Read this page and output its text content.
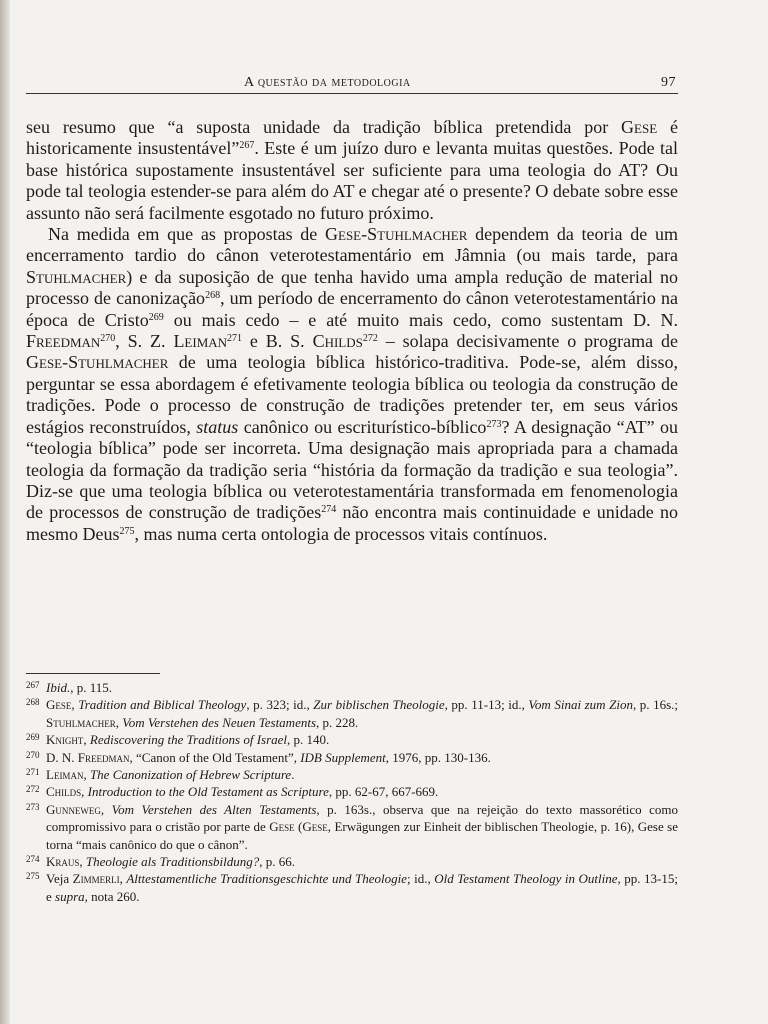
A questão da metodologia	97

seu resumo que “a suposta unidade da tradição bíblica pretendida por Gese é historicamente insustentável”$^{267}$. Este é um juízo duro e levanta muitas questões. Pode tal base histórica supostamente insustentável ser suficiente para uma teologia do AT? Ou pode tal teologia estender-se para além do AT e chegar até o presente? O debate sobre esse assunto não será facilmente esgotado no futuro próximo.

Na medida em que as propostas de Gese-Stuhlmacher dependem da teoria de um encerramento tardio do cânon veterotestamentário em Jâmnia (ou mais tarde, para Stuhlmacher) e da suposição de que tenha havido uma ampla redução de material no processo de canonização$^{268}$, um período de encerramento do cânon veterotestamentário na época de Cristo$^{269}$ ou mais cedo – e até muito mais cedo, como sustentam D. N. Freedman$^{270}$, S. Z. Leiman$^{271}$ e B. S. Childs$^{272}$ – solapa decisivamente o programa de Gese-Stuhlmacher de uma teologia bíblica histórico-traditiva. Pode-se, além disso, perguntar se essa abordagem é efetivamente teologia bíblica ou teologia da construção de tradições. Pode o processo de construção de tradições pretender ter, em seus vários estágios reconstruídos, status canônico ou escriturístico-bíblico$^{273}$? A designação “AT” ou “teologia bíblica” pode ser incorreta. Uma designação mais apropriada para a chamada teologia da formação da tradição seria “história da formação da tradição e sua teologia”. Diz-se que uma teologia bíblica ou veterotestamentária transformada em fenomenologia de processos de construção de tradições$^{274}$ não encontra mais continuidade e unidade no mesmo Deus$^{275}$, mas numa certa ontologia de processos vitais contínuos.

267 Ibid., p. 115.

268 Gese, Tradition and Biblical Theology, p. 323; id., Zur biblischen Theologie, pp. 11-13; id., Vom Sinai zum Zion, p. 16s.; Stuhlmacher, Vom Verstehen des Neuen Testaments, p. 228.

269 Knight, Rediscovering the Traditions of Israel, p. 140.

270 D. N. Freedman, “Canon of the Old Testament”, IDB Supplement, 1976, pp. 130-136.

271 Leiman, The Canonization of Hebrew Scripture.

272 Childs, Introduction to the Old Testament as Scripture, pp. 62-67, 667-669.

273 Gunneweg, Vom Verstehen des Alten Testaments, p. 163s., observa que na rejeição do texto massorético como compromissivo para o cristão por parte de Gese (Gese, Erwägungen zur Einheit der biblischen Theologie, p. 16), Gese se torna “mais canônico do que o cânon”.

274 Kraus, Theologie als Traditionsbildung?, p. 66.

275 Veja Zimmerli, Alttestamentliche Traditionsgeschichte und Theologie; id., Old Testament Theology in Outline, pp. 13-15; e supra, nota 260.
